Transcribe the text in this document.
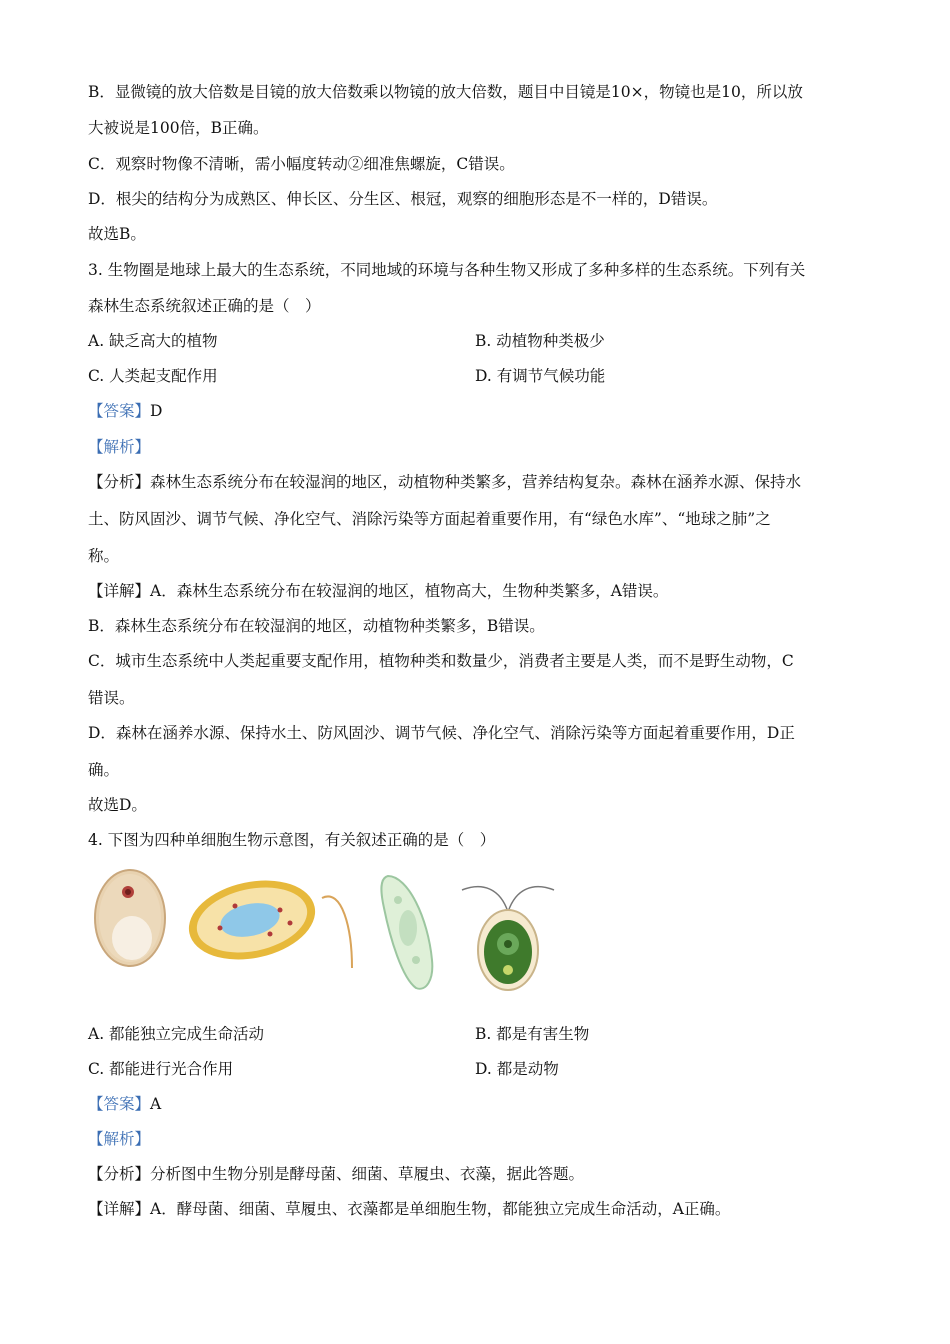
B．显微镜的放大倍数是目镜的放大倍数乘以物镜的放大倍数，题目中目镜是10×，物镜也是10，所以放
大被说是100倍，B正确。
C．观察时物像不清晰，需小幅度转动②细准焦螺旋，C错误。
D．根尖的结构分为成熟区、伸长区、分生区、根冠，观察的细胞形态是不一样的，D错误。
故选B。
3. 生物圈是地球上最大的生态系统，不同地域的环境与各种生物又形成了多种多样的生态系统。下列有关
森林生态系统叙述正确的是（　）
A. 缺乏高大的植物	B. 动植物种类极少
C. 人类起支配作用	D. 有调节气候功能
【答案】D
【解析】
【分析】森林生态系统分布在较湿润的地区，动植物种类繁多，营养结构复杂。森林在涵养水源、保持水
土、防风固沙、调节气候、净化空气、消除污染等方面起着重要作用，有“绿色水库”、“地球之肺”之
称。
【详解】A．森林生态系统分布在较湿润的地区，植物高大，生物种类繁多，A错误。
B．森林生态系统分布在较湿润的地区，动植物种类繁多，B错误。
C．城市生态系统中人类起重要支配作用，植物种类和数量少，消费者主要是人类，而不是野生动物，C
错误。
D．森林在涵养水源、保持水土、防风固沙、调节气候、净化空气、消除污染等方面起着重要作用，D正
确。
故选D。
4. 下图为四种单细胞生物示意图，有关叙述正确的是（　）
A. 都能独立完成生命活动	B. 都是有害生物
C. 都能进行光合作用	D. 都是动物
【答案】A
【解析】
【分析】分析图中生物分别是酵母菌、细菌、草履虫、衣藻，据此答题。
【详解】A．酵母菌、细菌、草履虫、衣藻都是单细胞生物，都能独立完成生命活动，A正确。
